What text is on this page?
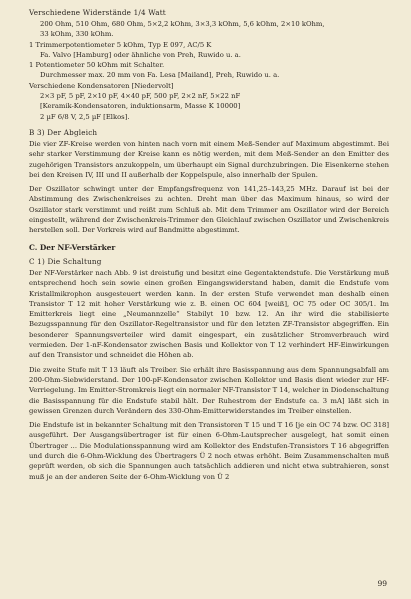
Verschiedene Widerstände 1/4 Watt

200 Ohm, 510 Ohm, 680 Ohm, 5×2,2 kOhm, 3×3,3 kOhm, 5,6 kOhm, 2×10 kOhm,

33 kOhm, 330 kOhm.

1 Trimmerpotentiometer 5 kOhm, Typ E 097, AC/5 K

Fa. Valvo [Hamburg] oder ähnliche von Preh, Ruwido u. a.

1 Potentiometer 50 kOhm mit Schalter.

Durchmesser max. 20 mm von Fa. Lesa [Mailand], Preh, Ruwido u. a.

Verschiedene Kondensatoren [Niedervolt]

2×3 pF, 5 pF, 2×10 pF, 4×40 pF, 500 pF, 2×2 nF, 5×22 nF

[Keramik-Kondensatoren, induktionsarm, Masse K 10000]

2 µF 6/8 V, 2,5 µF [Elkos].

B 3) Der Abgleich

Die vier ZF-Kreise werden von hinten nach vorn mit einem Meß-Sender auf Maximum abgestimmt. Bei sehr starker Verstimmung der Kreise kann es nötig werden, mit dem Meß-Sender an den Emitter des zugehörigen Transistors anzukoppeln, um überhaupt ein Signal durchzubringen. Die Eisenkerne stehen bei den Kreisen IV, III und II außerhalb der Koppelspule, also innerhalb der Spulen.

Der Oszillator schwingt unter der Empfangsfrequenz von 141,25–143,25 MHz. Darauf ist bei der Abstimmung des Zwischenkreises zu achten. Dreht man über das Maximum hinaus, so wird der Oszillator stark verstimmt und reißt zum Schluß ab. Mit dem Trimmer am Oszillator wird der Bereich eingestellt, während der Zwischenkreis-Trimmer den Gleichlauf zwischen Oszillator und Zwischenkreis herstellen soll. Der Vorkreis wird auf Bandmitte abgestimmt.

C. Der NF-Verstärker

C 1) Die Schaltung

Der NF-Verstärker nach Abb. 9 ist dreistufig und besitzt eine Gegentaktendstufe. Die Verstärkung muß entsprechend hoch sein sowie einen großen Eingangswiderstand haben, damit die Endstufe vom Kristallmikrophon ausgesteuert werden kann. In der ersten Stufe verwendet man deshalb einen Transistor T 12 mit hoher Verstärkung wie z. B. einen OC 604 [weiß], OC 75 oder OC 305/1. Im Emitterkreis liegt eine „Neumannzelle“ Stabilyt 10 bzw. 12. An ihr wird die stabilisierte Bezugsspannung für den Oszillator-Regeltransistor und für den letzten ZF-Transistor abgegriffen. Ein besonderer Spannungsverteiler wird damit eingespart, ein zusätzlicher Stromverbrauch wird vermieden. Der 1-nF-Kondensator zwischen Basis und Kollektor von T 12 verhindert HF-Einwirkungen auf den Transistor und schneidet die Höhen ab.

Die zweite Stufe mit T 13 läuft als Treiber. Sie erhält ihre Basisspannung aus dem Spannungsabfall am 200-Ohm-Siebwiderstand. Der 100-pF-Kondensator zwischen Kollektor und Basis dient wieder zur HF-Verriegelung. Im Emitter-Stromkreis liegt ein normaler NF-Transistor T 14, welcher in Diodenschaltung die Basisspannung für die Endstufe stabil hält. Der Ruhestrom der Endstufe ca. 3 mA] läßt sich in gewissen Grenzen durch Verändern des 330-Ohm-Emitterwiderstandes im Treiber einstellen.

Die Endstufe ist in bekannter Schaltung mit den Transistoren T 15 und T 16 [je ein OC 74 bzw. OC 318] ausgeführt. Der Ausgangsübertrager ist für einen 6-Ohm-Lautsprecher ausgelegt, hat somit einen Übertrager ... Die Modulationsspannung wird am Kollektor des Endstufen-Transistors T 16 abgegriffen und durch die 6-Ohm-Wicklung des Übertragers Ü 2 noch etwas erhöht. Beim Zusammenschalten muß geprüft werden, ob sich die Spannungen auch tatsächlich addieren und nicht etwa subtrahieren, sonst muß je an der anderen Seite der 6-Ohm-Wicklung von Ü 2

99
